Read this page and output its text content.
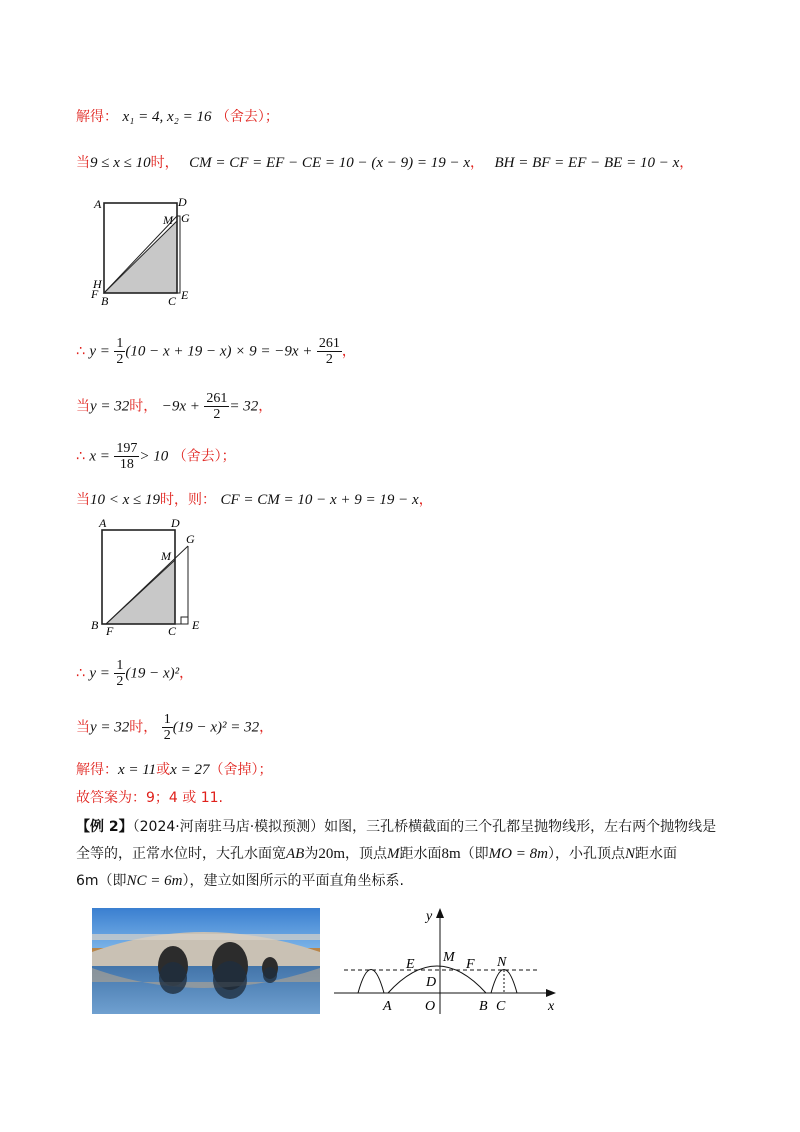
解得： x₁ = 4, x₂ = 16 （舍去）；
当9 ≤ x ≤ 10时， CM = CF = EF − CE = 10 − (x − 9) = 19 − x， BH = BF = EF − BE = 10 − x，
A	D
M G
H
F B	C E
∴ $y = \frac{1}{2} (10 - x + 19 - x) \times 9 = -9x + \frac{261}{2}$ ，
当y = 32时， $-9x + \frac{261}{2} = 32$，
∴ $x = \frac{197}{18} > 10$ （舍去）；
当10 < x ≤ 19时，则： CF = CM = 10 − x + 9 = 19 − x，
A	D
M
G
B F	C E
∴ $y = \frac{1}{2} (19 - x)^2$，
当y = 32时， $\frac{1}{2} (19 - x)^2 = 32$，
解得：x = 11或x = 27（舍掉）；
故答案为：9；4 或 11.
【例 2】（2024·河南驻马店·模拟预测）如图，三孔桥横截面的三个孔都呈抛物线形，左右两个抛物线是
全等的，正常水位时，大孔水面宽AB为20m，顶点M距水面8m（即MO = 8m），小孔顶点N距水面
6m（即NC = 6m），建立如图所示的平面直角坐标系.
y
x
E M F N
D
A O	B C
